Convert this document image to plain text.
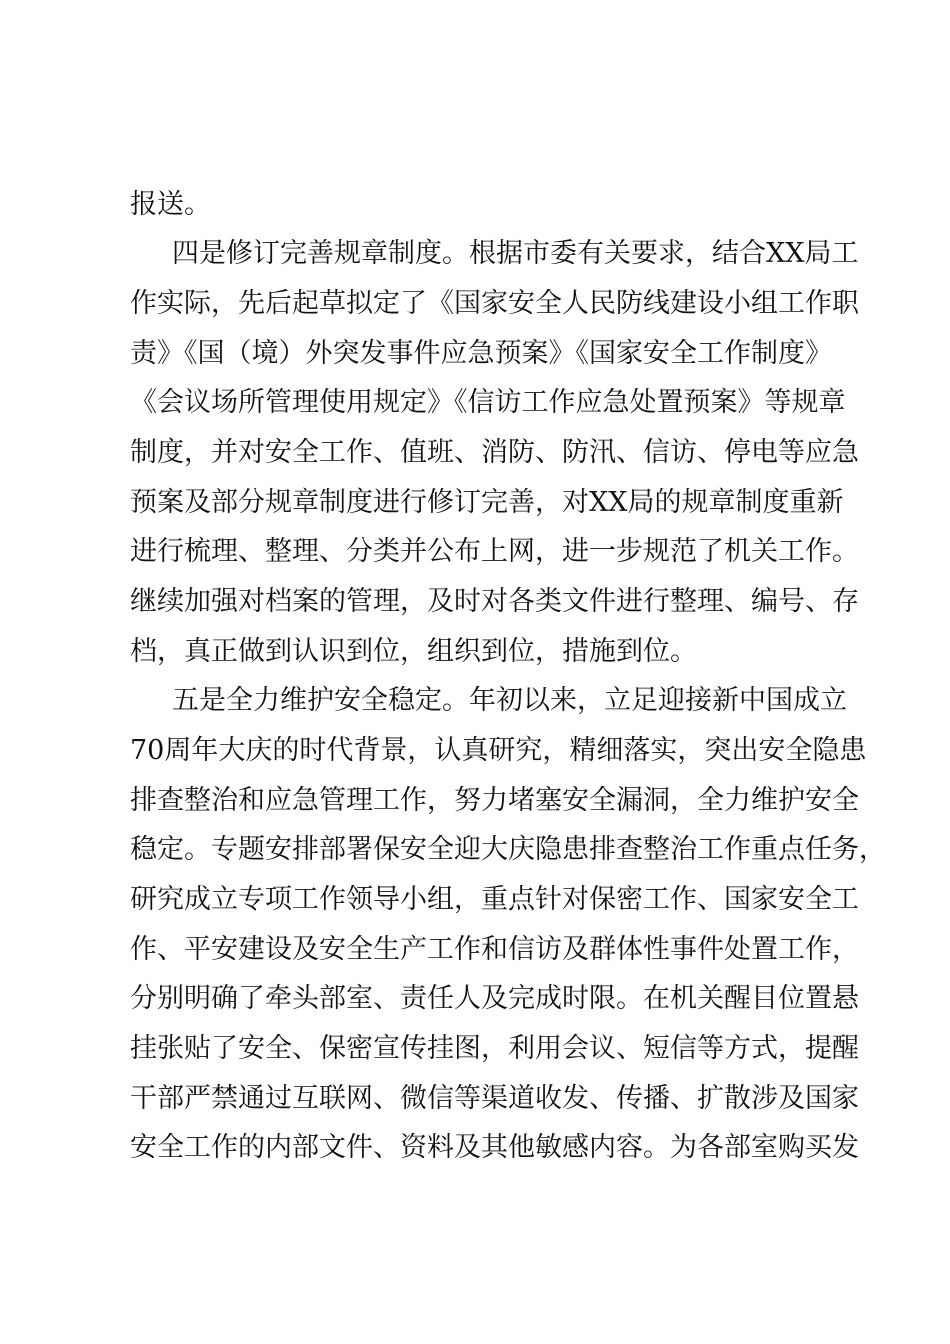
报送。
四是修订完善规章制度。根据市委有关要求，结合XX局工
作实际，先后起草拟定了《国家安全人民防线建设小组工作职
责》《国（境）外突发事件应急预案》《国家安全工作制度》
《会议场所管理使用规定》《信访工作应急处置预案》等规章
制度，并对安全工作、值班、消防、防汛、信访、停电等应急
预案及部分规章制度进行修订完善，对XX局的规章制度重新
进行梳理、整理、分类并公布上网，进一步规范了机关工作。
继续加强对档案的管理，及时对各类文件进行整理、编号、存
档，真正做到认识到位，组织到位，措施到位。
五是全力维护安全稳定。年初以来，立足迎接新中国成立
70周年大庆的时代背景，认真研究，精细落实，突出安全隐患
排查整治和应急管理工作，努力堵塞安全漏洞，全力维护安全
稳定。专题安排部署保安全迎大庆隐患排查整治工作重点任务，
研究成立专项工作领导小组，重点针对保密工作、国家安全工
作、平安建设及安全生产工作和信访及群体性事件处置工作，
分别明确了牵头部室、责任人及完成时限。在机关醒目位置悬
挂张贴了安全、保密宣传挂图，利用会议、短信等方式，提醒
干部严禁通过互联网、微信等渠道收发、传播、扩散涉及国家
安全工作的内部文件、资料及其他敏感内容。为各部室购买发
